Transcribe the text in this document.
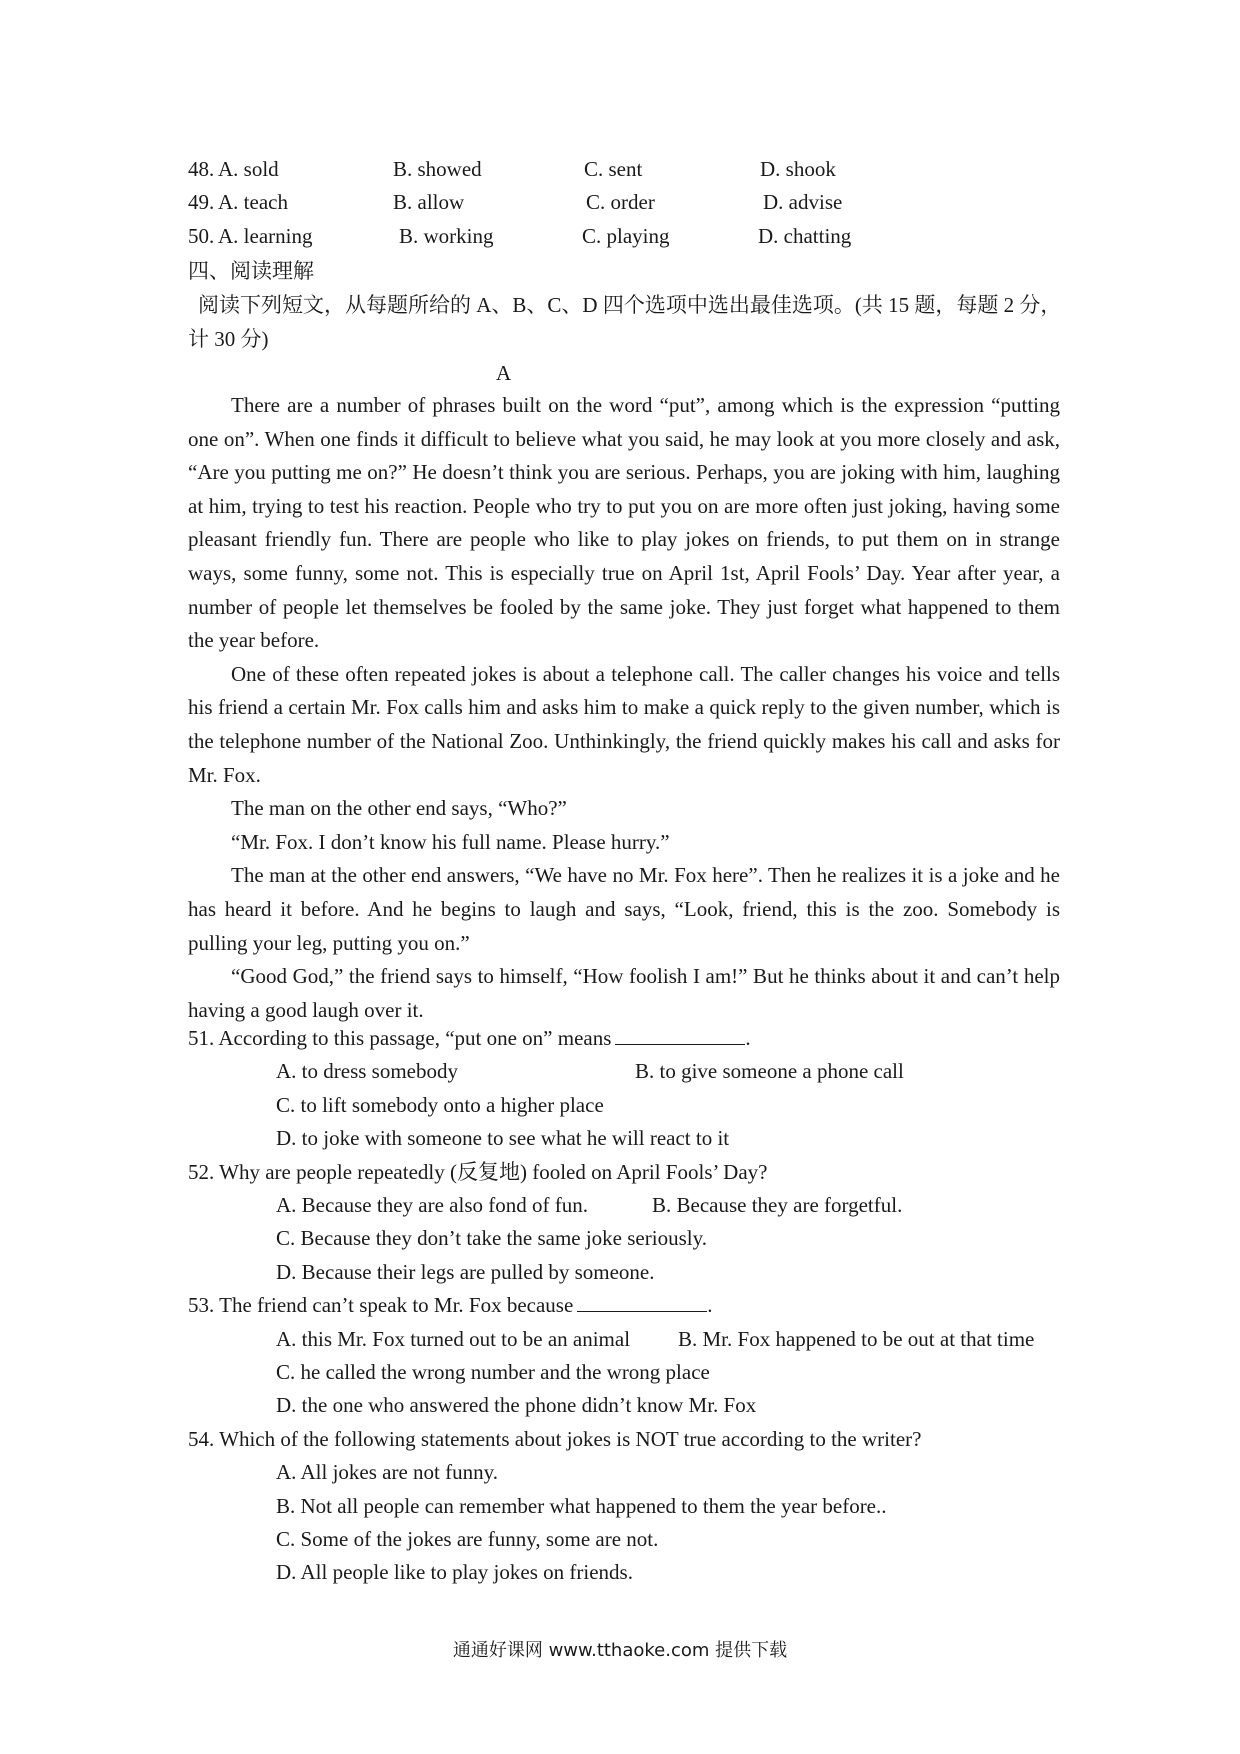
48. A. sold	B. showed	C. sent	D. shook
49. A. teach	B. allow	C. order	D. advise
50. A. learning	B. working	C. playing	D. chatting
四、阅读理解
阅读下列短文，从每题所给的 A、B、C、D 四个选项中选出最佳选项。(共 15 题，每题 2 分，计 30 分)
A

There are a number of phrases built on the word “put”, among which is the expression “putting one on”. When one finds it difficult to believe what you said, he may look at you more closely and ask, “Are you putting me on?” He doesn’t think you are serious. Perhaps, you are joking with him, laughing at him, trying to test his reaction. People who try to put you on are more often just joking, having some pleasant friendly fun. There are people who like to play jokes on friends, to put them on in strange ways, some funny, some not. This is especially true on April 1st, April Fools’ Day. Year after year, a number of people let themselves be fooled by the same joke. They just forget what happened to them the year before.

One of these often repeated jokes is about a telephone call. The caller changes his voice and tells his friend a certain Mr. Fox calls him and asks him to make a quick reply to the given number, which is the telephone number of the National Zoo. Unthinkingly, the friend quickly makes his call and asks for Mr. Fox.

The man on the other end says, “Who?”

“Mr. Fox. I don’t know his full name. Please hurry.”

The man at the other end answers, “We have no Mr. Fox here”. Then he realizes it is a joke and he has heard it before. And he begins to laugh and says, “Look, friend, this is the zoo. Somebody is pulling your leg, putting you on.”

“Good God,” the friend says to himself, “How foolish I am!” But he thinks about it and can’t help having a good laugh over it.

51. According to this passage, “put one on” means	.
A. to dress somebody	B. to give someone a phone call
C. to lift somebody onto a higher place
D. to joke with someone to see what he will react to it
52. Why are people repeatedly (反复地) fooled on April Fools’ Day?
A. Because they are also fond of fun.	B. Because they are forgetful.
C. Because they don’t take the same joke seriously.
D. Because their legs are pulled by someone.
53. The friend can’t speak to Mr. Fox because	.
A. this Mr. Fox turned out to be an animal B. Mr. Fox happened to be out at that time
C. he called the wrong number and the wrong place
D. the one who answered the phone didn’t know Mr. Fox
54. Which of the following statements about jokes is NOT true according to the writer?
A. All jokes are not funny.
B. Not all people can remember what happened to them the year before..
C. Some of the jokes are funny, some are not.
D. All people like to play jokes on friends.
通通好课网 www.tthaoke.com 提供下载
